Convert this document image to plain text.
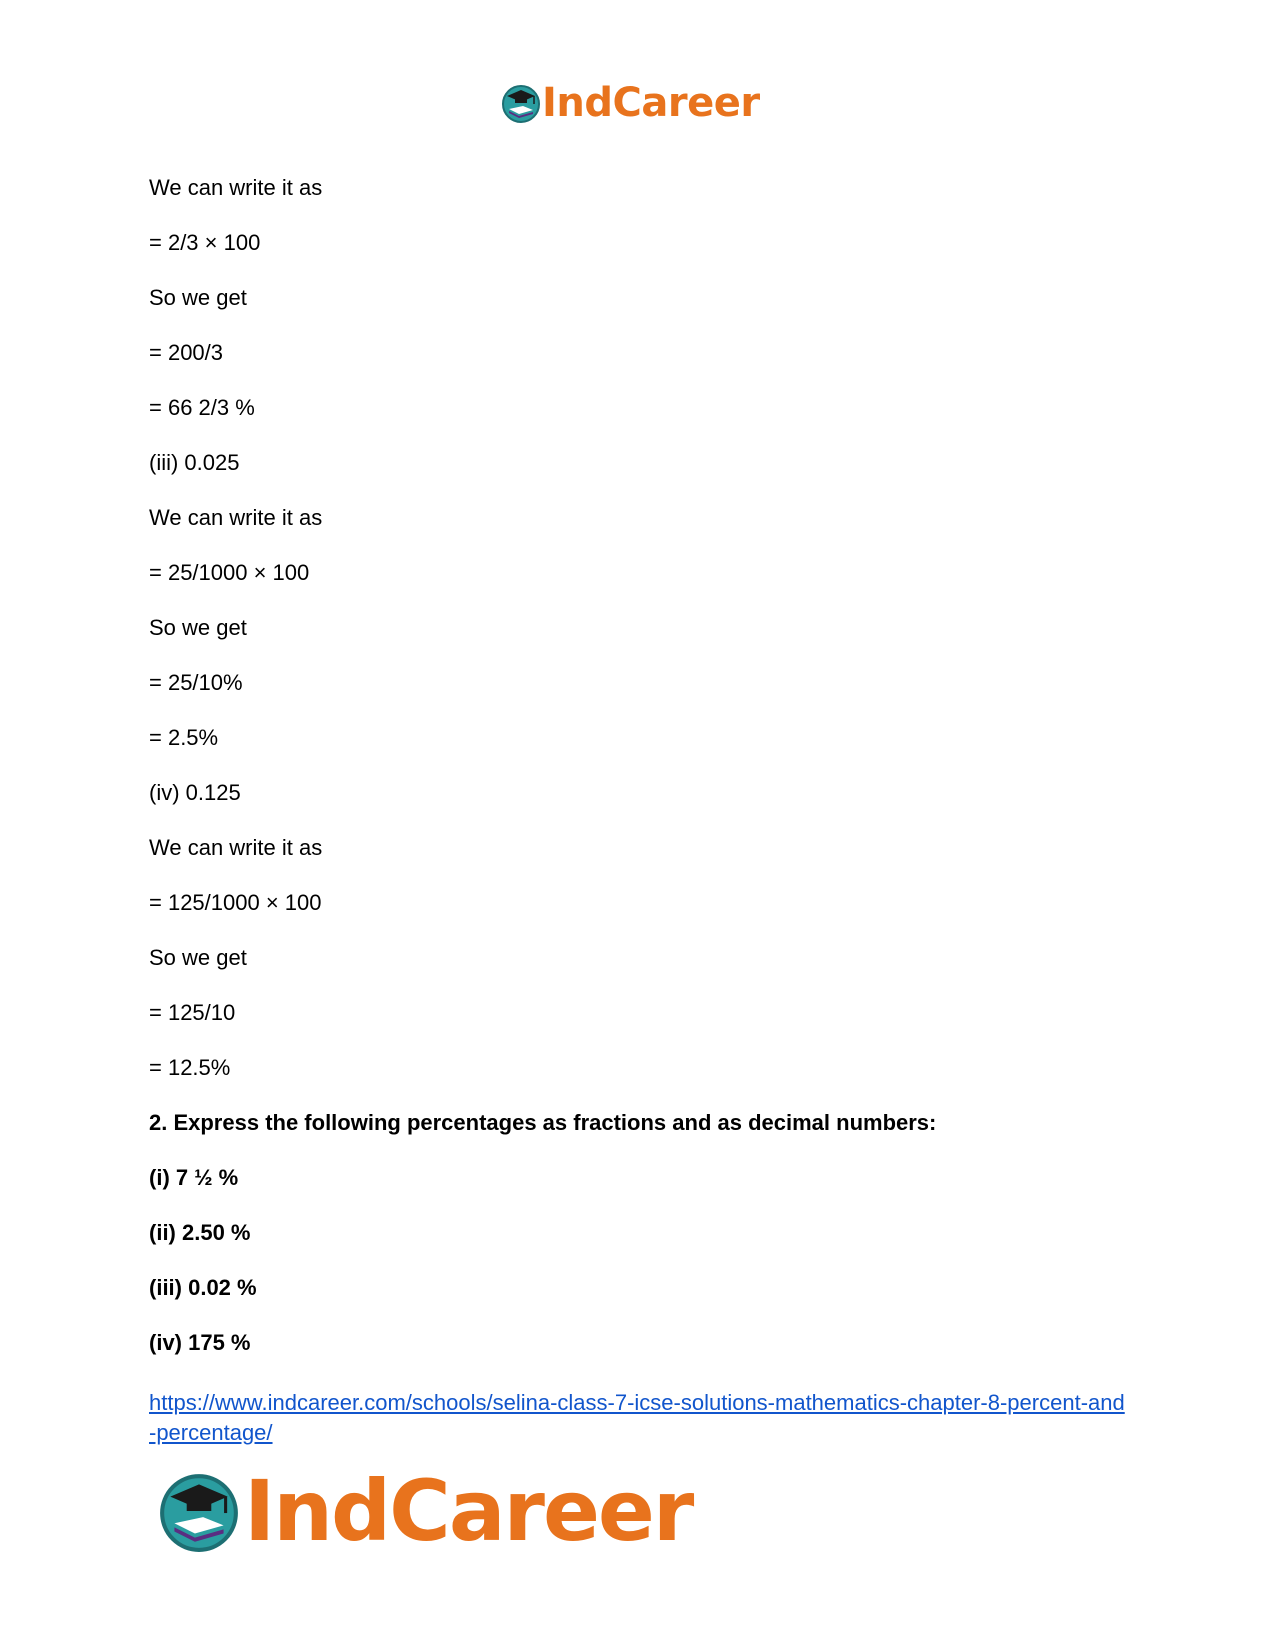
IndCareer
We can write it as
= 2/3 × 100
So we get
= 200/3
= 66 2/3 %
(iii) 0.025
We can write it as
= 25/1000 × 100
So we get
= 25/10%
= 2.5%
(iv) 0.125
We can write it as
= 125/1000 × 100
So we get
= 125/10
= 12.5%
2. Express the following percentages as fractions and as decimal numbers:
(i) 7 ½ %
(ii) 2.50 %
(iii) 0.02 %
(iv) 175 %
https://www.indcareer.com/schools/selina-class-7-icse-solutions-mathematics-chapter-8-percent-and-percentage/
IndCareer
